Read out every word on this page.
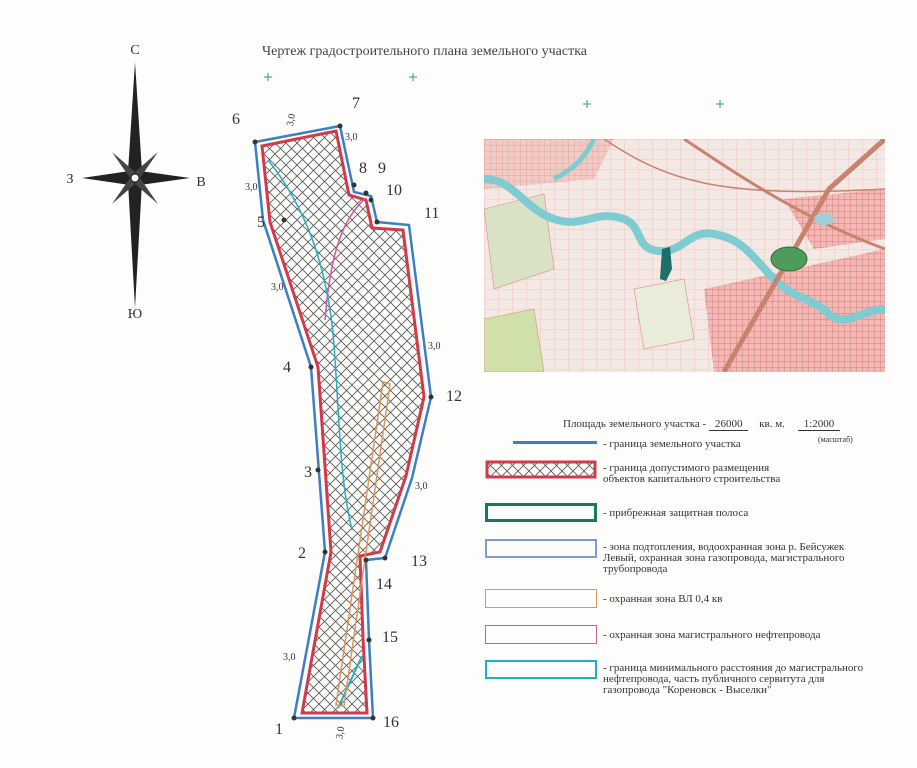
Чертеж градостроительного плана земельного участка
С
Ю
З	В
1
2
3
4
5
6
7
8 9
10
11
12
13
14
15
16
3,0
3,0
3,0
3,0
3,0
3,0
3,0
3,0
Площадь земельного участка - 26000 кв. м. 1:2000
(масштаб)
- граница земельного участка
- граница допустимого размещения
объектов капитального строительства
- прибрежная защитная полоса
- зона подтопления, водоохранная зона р. Бейсужек
Левый, охранная зона газопровода, магистрального
трубопровода
- охранная зона ВЛ 0,4 кв
- охранная зона магистрального нефтепровода
- граница минимального расстояния до магистрального
нефтепровода, часть публичного сервитута для
газопровода "Кореновск - Выселки"
